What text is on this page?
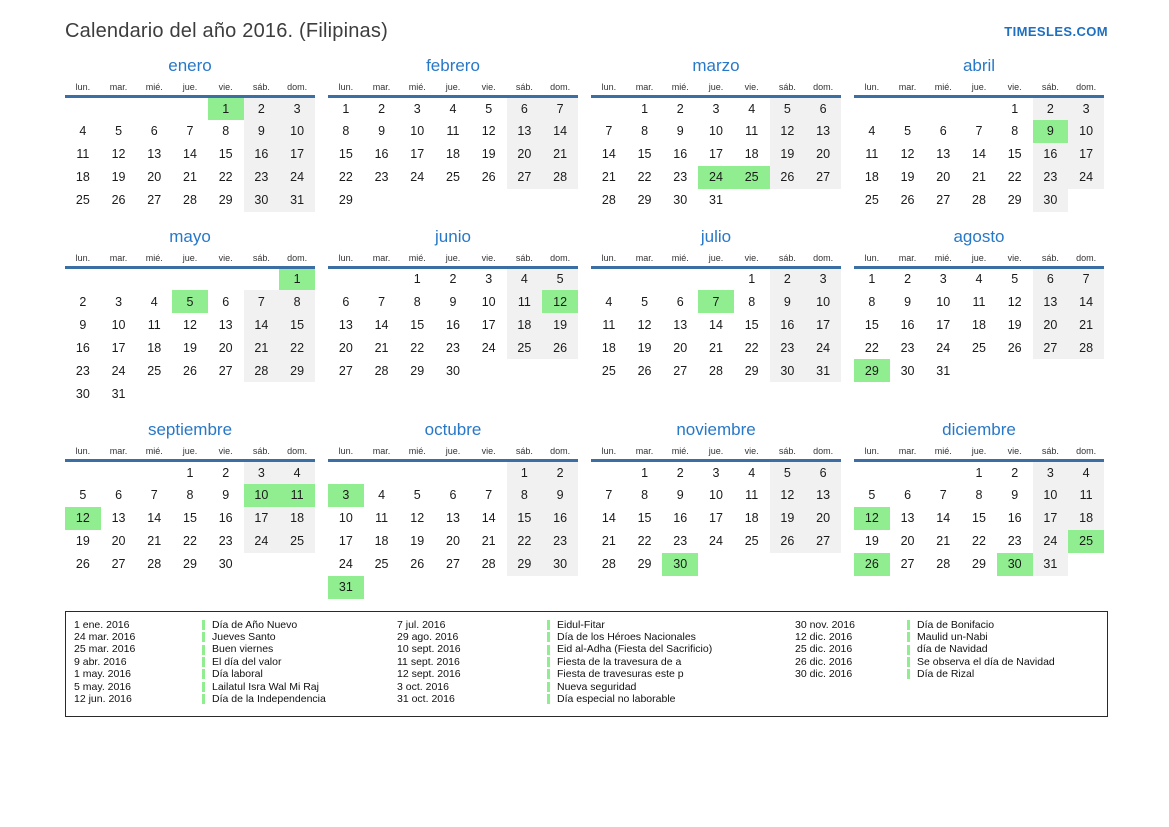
Calendario del año 2016. (Filipinas)	TIMESLES.COM
enero
lun.	mar.	mié.	jue.	vie.	sáb.	dom.
				1	2	3
4	5	6	7	8	9	10
11	12	13	14	15	16	17
18	19	20	21	22	23	24
25	26	27	28	29	30	31
febrero
lun.	mar.	mié.	jue.	vie.	sáb.	dom.
1	2	3	4	5	6	7
8	9	10	11	12	13	14
15	16	17	18	19	20	21
22	23	24	25	26	27	28
29						
marzo
lun.	mar.	mié.	jue.	vie.	sáb.	dom.
	1	2	3	4	5	6
7	8	9	10	11	12	13
14	15	16	17	18	19	20
21	22	23	24	25	26	27
28	29	30	31			
abril
lun.	mar.	mié.	jue.	vie.	sáb.	dom.
				1	2	3
4	5	6	7	8	9	10
11	12	13	14	15	16	17
18	19	20	21	22	23	24
25	26	27	28	29	30	
mayo
lun.	mar.	mié.	jue.	vie.	sáb.	dom.
						1
2	3	4	5	6	7	8
9	10	11	12	13	14	15
16	17	18	19	20	21	22
23	24	25	26	27	28	29
30	31					
junio
lun.	mar.	mié.	jue.	vie.	sáb.	dom.
		1	2	3	4	5
6	7	8	9	10	11	12
13	14	15	16	17	18	19
20	21	22	23	24	25	26
27	28	29	30			
julio
lun.	mar.	mié.	jue.	vie.	sáb.	dom.
				1	2	3
4	5	6	7	8	9	10
11	12	13	14	15	16	17
18	19	20	21	22	23	24
25	26	27	28	29	30	31
agosto
lun.	mar.	mié.	jue.	vie.	sáb.	dom.
1	2	3	4	5	6	7
8	9	10	11	12	13	14
15	16	17	18	19	20	21
22	23	24	25	26	27	28
29	30	31				
septiembre
lun.	mar.	mié.	jue.	vie.	sáb.	dom.
			1	2	3	4
5	6	7	8	9	10	11
12	13	14	15	16	17	18
19	20	21	22	23	24	25
26	27	28	29	30		
octubre
lun.	mar.	mié.	jue.	vie.	sáb.	dom.
					1	2
3	4	5	6	7	8	9
10	11	12	13	14	15	16
17	18	19	20	21	22	23
24	25	26	27	28	29	30
31						
noviembre
lun.	mar.	mié.	jue.	vie.	sáb.	dom.
	1	2	3	4	5	6
7	8	9	10	11	12	13
14	15	16	17	18	19	20
21	22	23	24	25	26	27
28	29	30				
diciembre
lun.	mar.	mié.	jue.	vie.	sáb.	dom.
			1	2	3	4
5	6	7	8	9	10	11
12	13	14	15	16	17	18
19	20	21	22	23	24	25
26	27	28	29	30	31	
1 ene. 2016	Día de Año Nuevo
24 mar. 2016	Jueves Santo
25 mar. 2016	Buen viernes
9 abr. 2016	El día del valor
1 may. 2016	Día laboral
5 may. 2016	Lailatul Isra Wal Mi Raj
12 jun. 2016	Día de la Independencia
7 jul. 2016	Eidul-Fitar
29 ago. 2016	Día de los Héroes Nacionales
10 sept. 2016	Eid al-Adha (Fiesta del Sacrificio)
11 sept. 2016	Fiesta de la travesura de a
12 sept. 2016	Fiesta de travesuras este p
3 oct. 2016	Nueva seguridad
31 oct. 2016	Día especial no laborable
30 nov. 2016	Día de Bonifacio
12 dic. 2016	Maulid un-Nabi
25 dic. 2016	día de Navidad
26 dic. 2016	Se observa el día de Navidad
30 dic. 2016	Día de Rizal
